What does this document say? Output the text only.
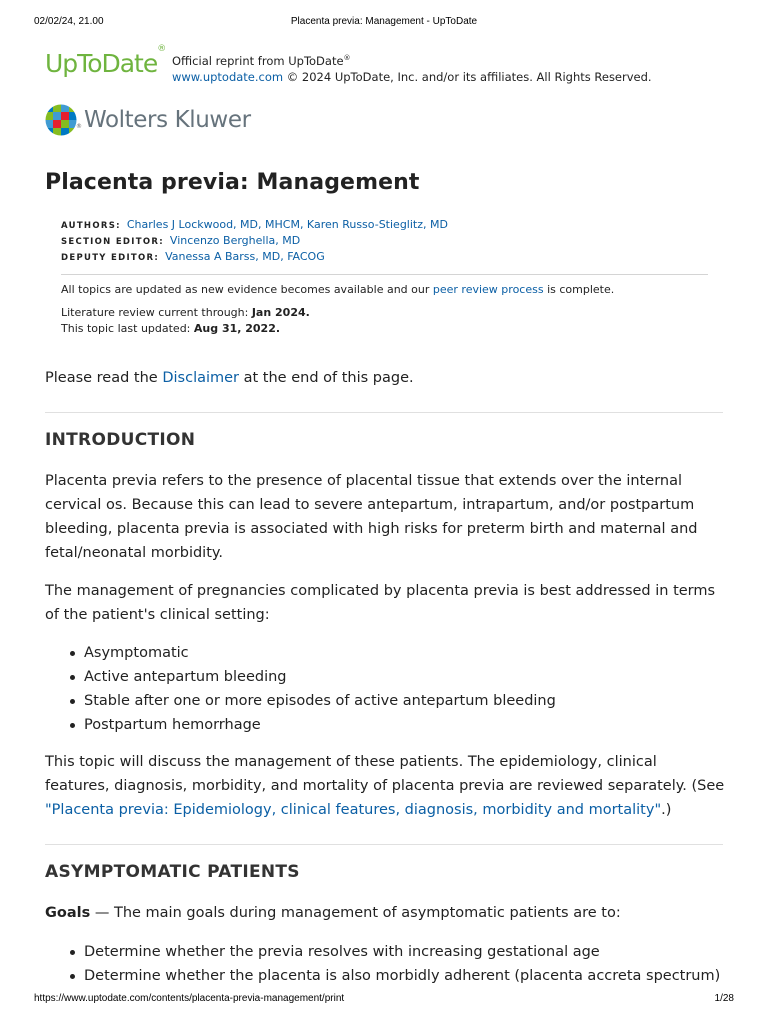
02/02/24, 21.00	Placenta previa: Management - UpToDate
UpToDate®
Official reprint from UpToDate®
www.uptodate.com © 2024 UpToDate, Inc. and/or its affiliates. All Rights Reserved.
® Wolters Kluwer
Placenta previa: Management
AUTHORS: Charles J Lockwood, MD, MHCM, Karen Russo-Stieglitz, MD
SECTION EDITOR: Vincenzo Berghella, MD
DEPUTY EDITOR: Vanessa A Barss, MD, FACOG
All topics are updated as new evidence becomes available and our peer review process is complete.
Literature review current through: Jan 2024.
This topic last updated: Aug 31, 2022.

Please read the Disclaimer at the end of this page.

INTRODUCTION

Placenta previa refers to the presence of placental tissue that extends over the internal cervical os. Because this can lead to severe antepartum, intrapartum, and/or postpartum bleeding, placenta previa is associated with high risks for preterm birth and maternal and fetal/neonatal morbidity.

The management of pregnancies complicated by placenta previa is best addressed in terms of the patient's clinical setting:

Asymptomatic
Active antepartum bleeding
Stable after one or more episodes of active antepartum bleeding
Postpartum hemorrhage

This topic will discuss the management of these patients. The epidemiology, clinical features, diagnosis, morbidity, and mortality of placenta previa are reviewed separately. (See "Placenta previa: Epidemiology, clinical features, diagnosis, morbidity and mortality".)

ASYMPTOMATIC PATIENTS

Goals — The main goals during management of asymptomatic patients are to:

Determine whether the previa resolves with increasing gestational age
Determine whether the placenta is also morbidly adherent (placenta accreta spectrum)
https://www.uptodate.com/contents/placenta-previa-management/print	1/28
